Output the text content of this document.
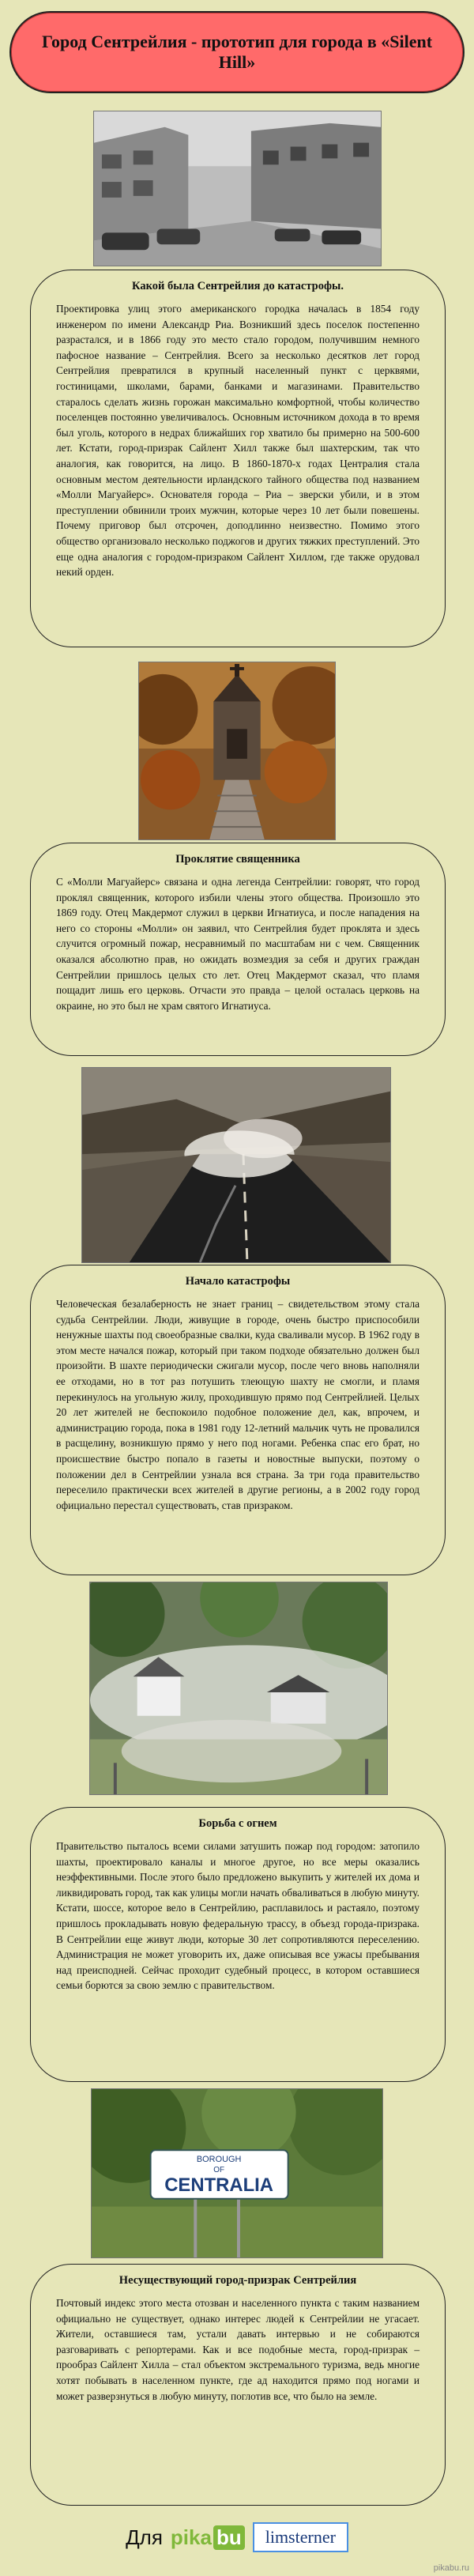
Город Сентрейлия - прототип для города в «Silent Hill»
Какой была Сентрейлия до катастрофы.

Проектировка улиц этого американского городка началась в 1854 году инженером по имени Александр Риа. Возникший здесь поселок постепенно разрастался, и в 1866 году это место стало городом, получившим немного пафосное название – Сентрейлия. Всего за несколько десятков лет город Сентрейлия превратился в крупный населенный пункт с церквями, гостиницами, школами, барами, банками и магазинами. Правительство старалось сделать жизнь горожан максимально комфортной, чтобы количество поселенцев постоянно увеличивалось. Основным источником дохода в то время был уголь, которого в недрах ближайших гор хватило бы примерно на 500-600 лет. Кстати, город-призрак Сайлент Хилл также был шахтерским, так что аналогия, как говорится, на лицо. В 1860-1870-х годах Централия стала основным местом деятельности ирландского тайного общества под названием «Молли Магуайерс». Основателя города – Риа – зверски убили, и в этом преступлении обвинили троих мужчин, которые через 10 лет были повешены. Почему приговор был отсрочен, доподлинно неизвестно. Помимо этого общество организовало несколько поджогов и других тяжких преступлений. Это еще одна аналогия с городом-призраком Сайлент Хиллом, где также орудовал некий орден.

Проклятие священника

С «Молли Магуайерс» связана и одна легенда Сентрейлии: говорят, что город проклял священник, которого избили члены этого общества. Произошло это 1869 году. Отец Макдермот служил в церкви Игнатиуса, и после нападения на него со стороны «Молли» он заявил, что Сентрейлия будет проклята и здесь случится огромный пожар, несравнимый по масштабам ни с чем. Священник оказался абсолютно прав, но ожидать возмездия за себя и других граждан Сентрейлии пришлось целых сто лет. Отец Макдермот сказал, что пламя пощадит лишь его церковь. Отчасти это правда – целой осталась церковь на окраине, но это был не храм святого Игнатиуса.

Начало катастрофы

Человеческая безалаберность не знает границ – свидетельством этому стала судьба Сентрейлии. Люди, живущие в городе, очень быстро приспособили ненужные шахты под своеобразные свалки, куда сваливали мусор. В 1962 году в этом месте начался пожар, который при таком подходе обязательно должен был произойти. В шахте периодически сжигали мусор, после чего вновь наполняли ее отходами, но в тот раз потушить тлеющую шахту не смогли, и пламя перекинулось на угольную жилу, проходившую прямо под Сентрейлией. Целых 20 лет жителей не беспокоило подобное положение дел, как, впрочем, и администрацию города, пока в 1981 году 12-летний мальчик чуть не провалился в расщелину, возникшую прямо у него под ногами. Ребенка спас его брат, но происшествие быстро попало в газеты и новостные выпуски, поэтому о положении дел в Сентрейлии узнала вся страна. За три года правительство переселило практически всех жителей в другие регионы, а в 2002 году город официально перестал существовать, став призраком.

Борьба с огнем

Правительство пыталось всеми силами затушить пожар под городом: затопило шахты, проектировало каналы и многое другое, но все меры оказались неэффективными. После этого было предложено выкупить у жителей их дома и ликвидировать город, так как улицы могли начать обваливаться в любую минуту. Кстати, шоссе, которое вело в Сентрейлию, расплавилось и растаяло, поэтому пришлось прокладывать новую федеральную трассу, в объезд города-призрака. В Сентрейлии еще живут люди, которые 30 лет сопротивляются переселению. Администрация не может уговорить их, даже описывая все ужасы пребывания над преисподней. Сейчас проходит судебный процесс, в котором оставшиеся семьи борются за свою землю с правительством.

BOROUGH
OF
CENTRALIA
Несуществующий город-призрак Сентрейлия

Почтовый индекс этого места отозван и населенного пункта с таким названием официально не существует, однако интерес людей к Сентрейлии не угасает. Жители, оставшиеся там, устали давать интервью и не собираются разговаривать с репортерами. Как и все подобные места, город-призрак – прообраз Сайлент Хилла – стал объектом экстремального туризма, ведь многие хотят побывать в населенном пункте, где ад находится прямо под ногами и может разверзнуться в любую минуту, поглотив все, что было на земле.

Для pika bu	limsterner
pikabu.ru
